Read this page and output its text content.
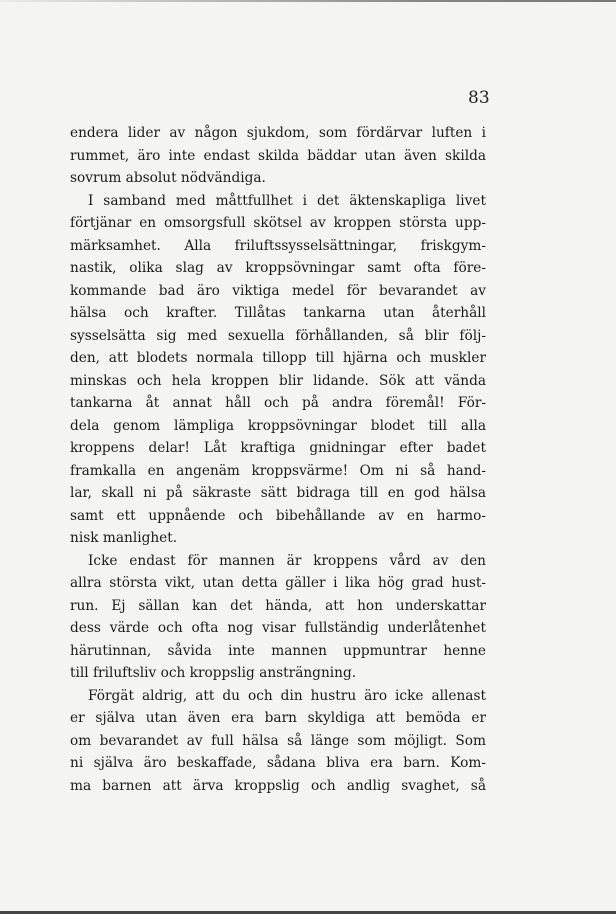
83
endera lider av någon sjukdom, som fördärvar luften i
rummet, äro inte endast skilda bäddar utan även skilda
sovrum absolut nödvändiga.
I samband med måttfullhet i det äktenskapliga livet
förtjänar en omsorgsfull skötsel av kroppen största upp-
märksamhet. Alla friluftssysselsättningar, friskgym-
nastik, olika slag av kroppsövningar samt ofta före-
kommande bad äro viktiga medel för bevarandet av
hälsa och krafter. Tillåtas tankarna utan återhåll
sysselsätta sig med sexuella förhållanden, så blir följ-
den, att blodets normala tillopp till hjärna och muskler
minskas och hela kroppen blir lidande. Sök att vända
tankarna åt annat håll och på andra föremål! För-
dela genom lämpliga kroppsövningar blodet till alla
kroppens delar! Låt kraftiga gnidningar efter badet
framkalla en angenäm kroppsvärme! Om ni så hand-
lar, skall ni på säkraste sätt bidraga till en god hälsa
samt ett uppnående och bibehållande av en harmo-
nisk manlighet.
Icke endast för mannen är kroppens vård av den
allra största vikt, utan detta gäller i lika hög grad hust-
run. Ej sällan kan det hända, att hon underskattar
dess värde och ofta nog visar fullständig underlåtenhet
härutinnan, såvida inte mannen uppmuntrar henne
till friluftsliv och kroppslig ansträngning.
Förgät aldrig, att du och din hustru äro icke allenast
er själva utan även era barn skyldiga att bemöda er
om bevarandet av full hälsa så länge som möjligt. Som
ni själva äro beskaffade, sådana bliva era barn. Kom-
ma barnen att ärva kroppslig och andlig svaghet, så
